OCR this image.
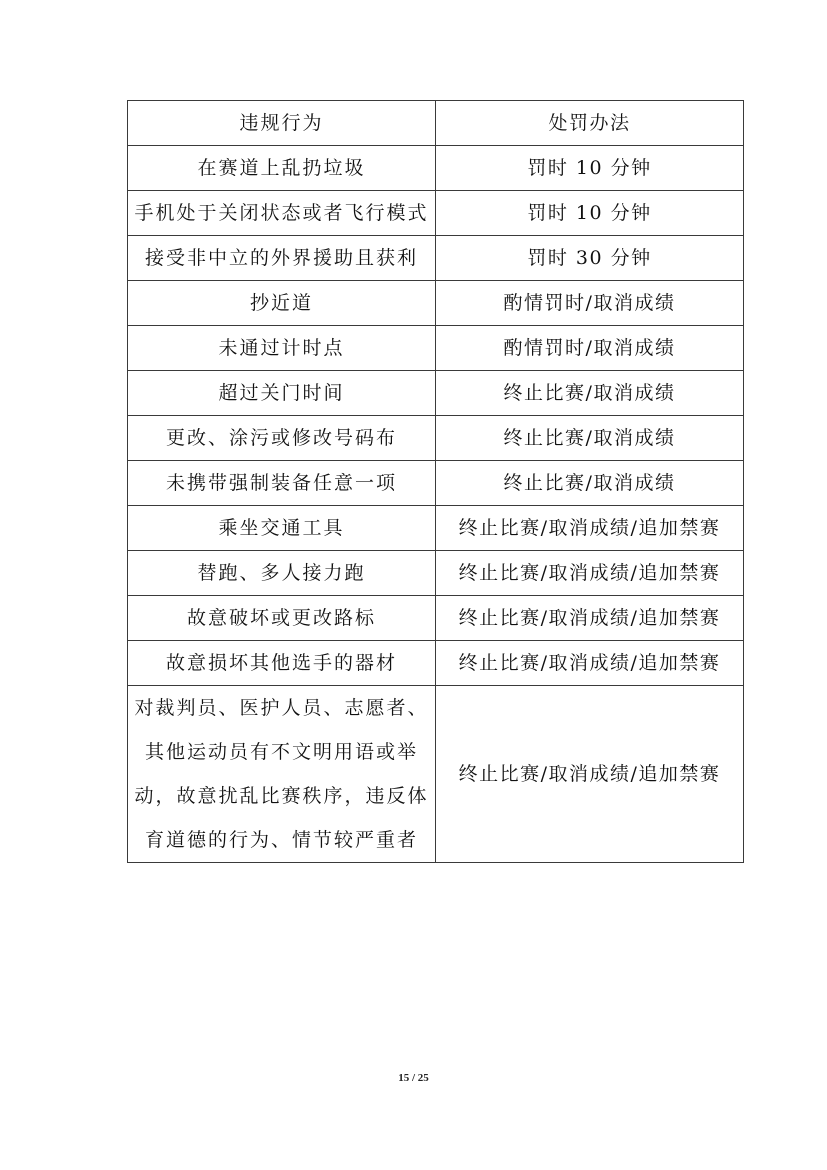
违规行为	处罚办法
在赛道上乱扔垃圾	罚时 10 分钟
手机处于关闭状态或者飞行模式	罚时 10 分钟
接受非中立的外界援助且获利	罚时 30 分钟
抄近道	酌情罚时/取消成绩
未通过计时点	酌情罚时/取消成绩
超过关门时间	终止比赛/取消成绩
更改、涂污或修改号码布	终止比赛/取消成绩
未携带强制装备任意一项	终止比赛/取消成绩
乘坐交通工具	终止比赛/取消成绩/追加禁赛
替跑、多人接力跑	终止比赛/取消成绩/追加禁赛
故意破坏或更改路标	终止比赛/取消成绩/追加禁赛
故意损坏其他选手的器材	终止比赛/取消成绩/追加禁赛
对裁判员、医护人员、志愿者、其他运动员有不文明用语或举动，故意扰乱比赛秩序，违反体育道德的行为、情节较严重者	终止比赛/取消成绩/追加禁赛
15 / 25
